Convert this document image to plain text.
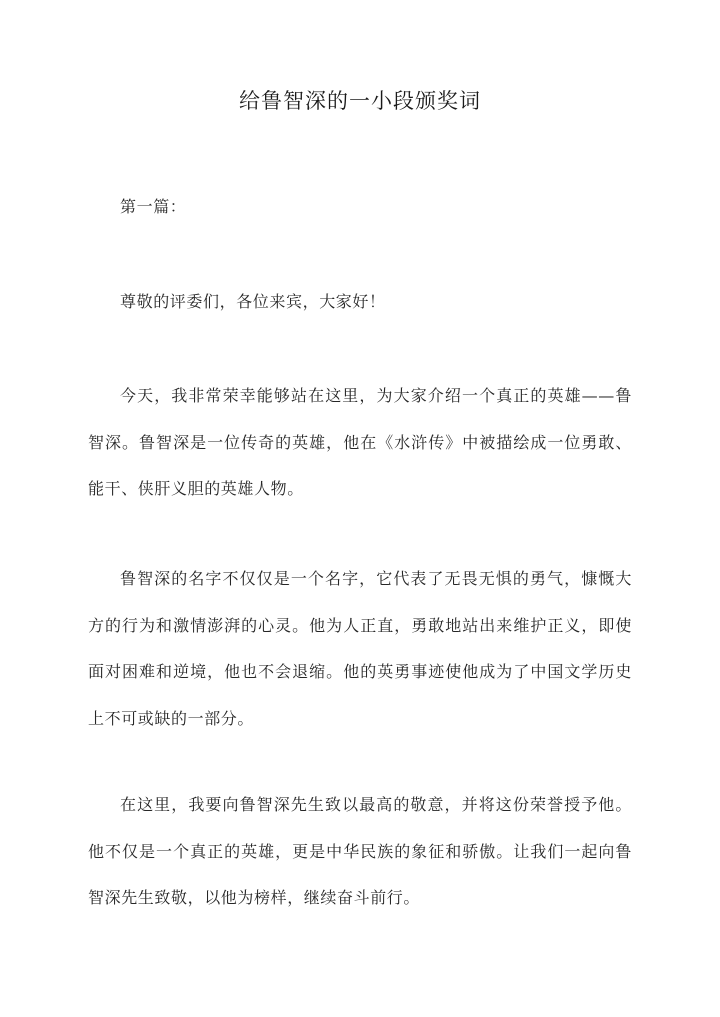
给鲁智深的一小段颁奖词

第一篇：

尊敬的评委们，各位来宾，大家好！

今天，我非常荣幸能够站在这里，为大家介绍一个真正的英雄——鲁智深。鲁智深是一位传奇的英雄，他在《水浒传》中被描绘成一位勇敢、能干、侠肝义胆的英雄人物。

鲁智深的名字不仅仅是一个名字，它代表了无畏无惧的勇气，慷慨大方的行为和激情澎湃的心灵。他为人正直，勇敢地站出来维护正义，即使面对困难和逆境，他也不会退缩。他的英勇事迹使他成为了中国文学历史上不可或缺的一部分。

在这里，我要向鲁智深先生致以最高的敬意，并将这份荣誉授予他。他不仅是一个真正的英雄，更是中华民族的象征和骄傲。让我们一起向鲁智深先生致敬，以他为榜样，继续奋斗前行。
